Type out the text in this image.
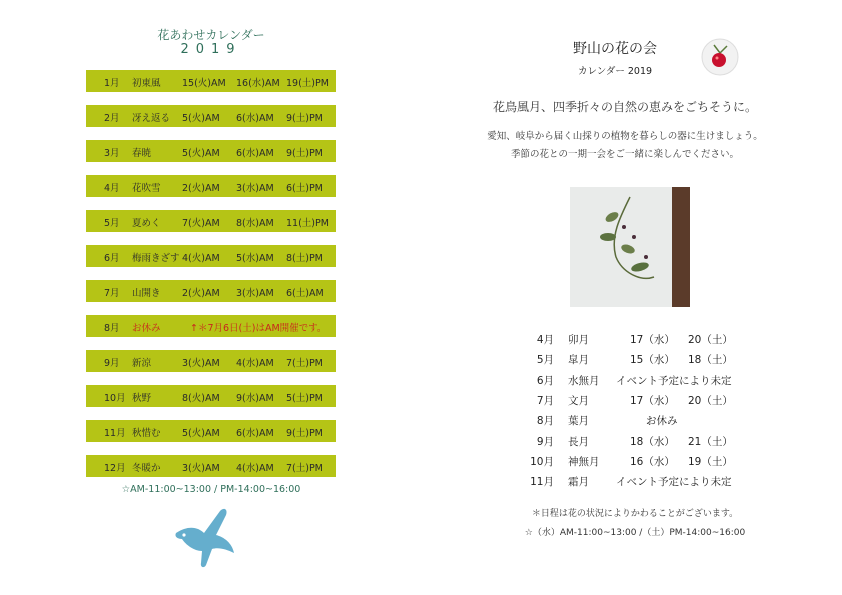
花あわせカレンダー
2019
1月 初東風 15(火)AM 16(水)AM 19(土)PM
2月 冴え返る 5(火)AM 6(水)AM 9(土)PM
3月 春暁	5(火)AM 6(水)AM 9(土)PM
4月 花吹雪 2(火)AM 3(水)AM 6(土)PM
5月 夏めく 7(火)AM 8(水)AM 11(土)PM
6月 梅雨きざす 4(火)AM 5(水)AM 8(土)PM
7月 山開き 2(火)AM 3(水)AM 6(土)AM
8月 お休み	↑＊7月6日(土)はAM開催です。
9月 新涼	3(火)AM 4(水)AM 7(土)PM
10月 秋野	8(火)AM 9(水)AM 5(土)PM
11月 秋惜む 5(火)AM 6(水)AM 9(土)PM
12月 冬暖か 3(火)AM 4(水)AM 7(土)PM
☆AM-11:00~13:00 / PM-14:00~16:00
野山の花の会
カレンダー 2019
花鳥風月、四季折々の自然の恵みをごちそうに。
愛知、岐阜から届く山採りの植物を暮らしの器に生けましょう。
季節の花との一期一会をご一緒に楽しんでください。
4月 卯月	17（水） 20（土）
5月 皐月	15（水） 18（土）
6月 水無月 イベント予定により未定
7月 文月	17（水） 20（土）
8月 葉月	お休み
9月 長月	18（水） 21（土）
10月 神無月	16（水） 19（土）
11月 霜月	イベント予定により未定
＊日程は花の状況によりかわることがございます。
☆（水）AM-11:00~13:00 /（土）PM-14:00~16:00
